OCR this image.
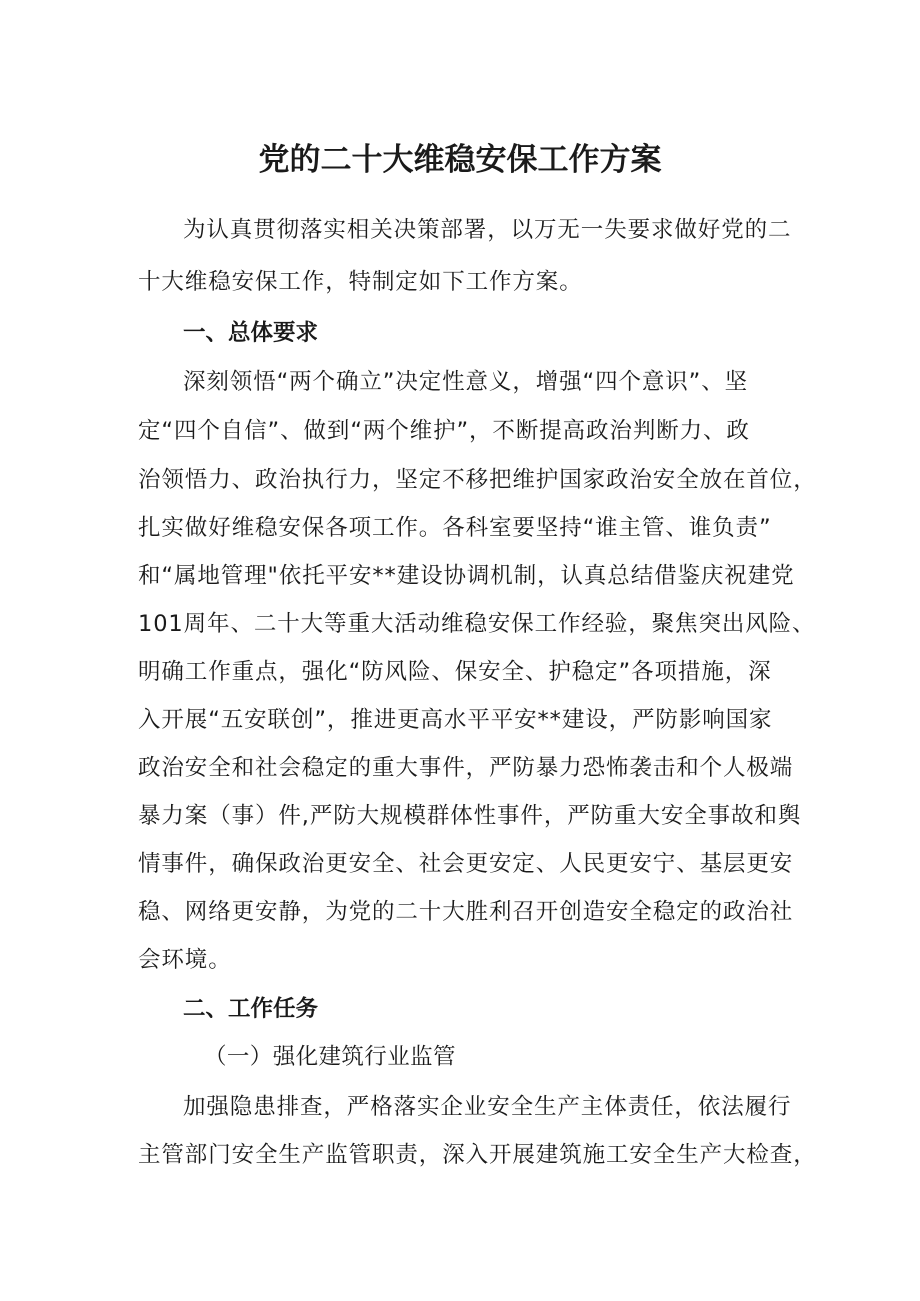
党的二十大维稳安保工作方案
为认真贯彻落实相关决策部署，以万无一失要求做好党的二
十大维稳安保工作，特制定如下工作方案。
一、总体要求
深刻领悟“两个确立”决定性意义，增强“四个意识”、坚
定“四个自信”、做到“两个维护”，不断提高政治判断力、政
治领悟力、政治执行力，坚定不移把维护国家政治安全放在首位，
扎实做好维稳安保各项工作。各科室要坚持“谁主管、谁负责”
和“属地管理"依托平安**建设协调机制，认真总结借鉴庆祝建党
101周年、二十大等重大活动维稳安保工作经验，聚焦突出风险、
明确工作重点，强化“防风险、保安全、护稳定”各项措施，深
入开展“五安联创”，推进更高水平平安**建设，严防影响国家
政治安全和社会稳定的重大事件，严防暴力恐怖袭击和个人极端
暴力案（事）件,严防大规模群体性事件，严防重大安全事故和舆
情事件，确保政治更安全、社会更安定、人民更安宁、基层更安
稳、网络更安静，为党的二十大胜利召开创造安全稳定的政治社
会环境。
二、工作任务
（一）强化建筑行业监管
加强隐患排查，严格落实企业安全生产主体责任，依法履行
主管部门安全生产监管职责，深入开展建筑施工安全生产大检查，
